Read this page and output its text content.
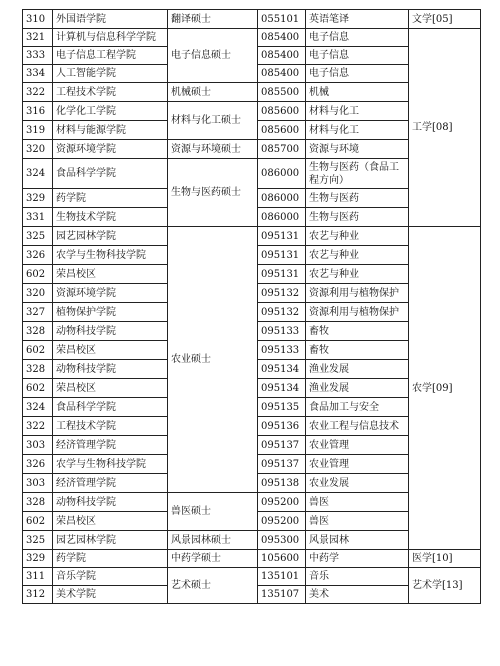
310	外国语学院	翻译硕士	055101	英语笔译	文学[05]
321	计算机与信息科学学院	电子信息硕士	085400	电子信息	工学[08]
333	电子信息工程学院		085400	电子信息	
334	人工智能学院		085400	电子信息	
322	工程技术学院	机械硕士	085500	机械	
316	化学化工学院	材料与化工硕士	085600	材料与化工	
319	材料与能源学院		085600	材料与化工	
320	资源环境学院	资源与环境硕士	085700	资源与环境	
324	食品科学学院	生物与医药硕士	086000	生物与医药（食品工程方向）	
329	药学院		086000	生物与医药	
331	生物技术学院		086000	生物与医药	
325	园艺园林学院	农业硕士	095131	农艺与种业	农学[09]
326	农学与生物科技学院		095131	农艺与种业	
602	荣昌校区		095131	农艺与种业	
320	资源环境学院		095132	资源利用与植物保护	
327	植物保护学院		095132	资源利用与植物保护	
328	动物科技学院		095133	畜牧	
602	荣昌校区		095133	畜牧	
328	动物科技学院		095134	渔业发展	
602	荣昌校区		095134	渔业发展	
324	食品科学学院		095135	食品加工与安全	
322	工程技术学院		095136	农业工程与信息技术	
303	经济管理学院		095137	农业管理	
326	农学与生物科技学院		095137	农业管理	
303	经济管理学院		095138	农业发展	
328	动物科技学院	兽医硕士	095200	兽医	
602	荣昌校区		095200	兽医	
325	园艺园林学院	风景园林硕士	095300	风景园林	
329	药学院	中药学硕士	105600	中药学	医学[10]
311	音乐学院	艺术硕士	135101	音乐	艺术学[13]
312	美术学院		135107	美术	
